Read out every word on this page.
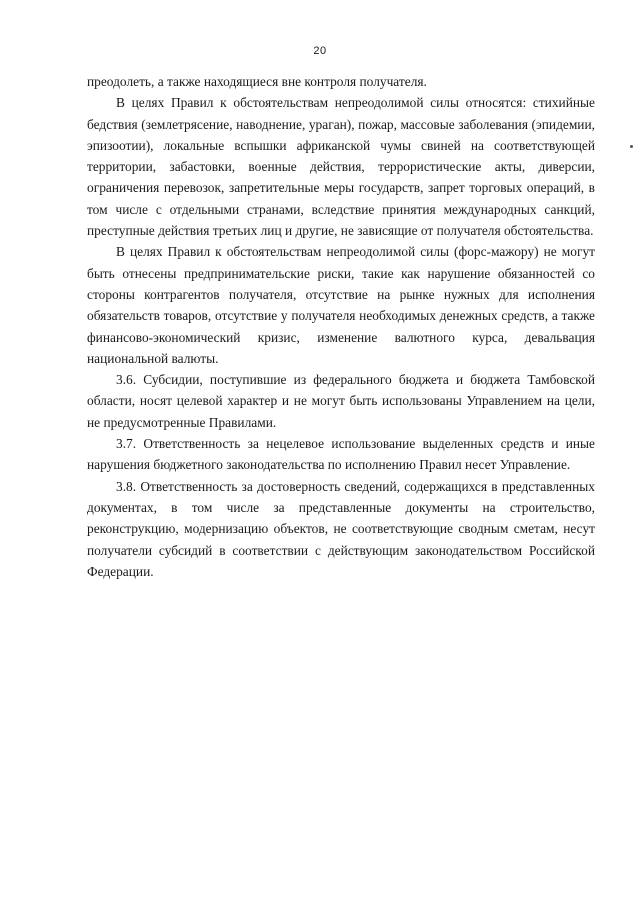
20

преодолеть, а также находящиеся вне контроля получателя.

В целях Правил к обстоятельствам непреодолимой силы относятся: стихийные бедствия (землетрясение, наводнение, ураган), пожар, массовые заболевания (эпидемии, эпизоотии), локальные вспышки африканской чумы свиней на соответствующей территории, забастовки, военные действия, террористические акты, диверсии, ограничения перевозок, запретительные меры государств, запрет торговых операций, в том числе с отдельными странами, вследствие принятия международных санкций, преступные действия третьих лиц и другие, не зависящие от получателя обстоятельства.

В целях Правил к обстоятельствам непреодолимой силы (форс-мажору) не могут быть отнесены предпринимательские риски, такие как нарушение обязанностей со стороны контрагентов получателя, отсутствие на рынке нужных для исполнения обязательств товаров, отсутствие у получателя необходимых денежных средств, а также финансово-экономический кризис, изменение валютного курса, девальвация национальной валюты.

3.6. Субсидии, поступившие из федерального бюджета и бюджета Тамбовской области, носят целевой характер и не могут быть использованы Управлением на цели, не предусмотренные Правилами.

3.7. Ответственность за нецелевое использование выделенных средств и иные нарушения бюджетного законодательства по исполнению Правил несет Управление.

3.8. Ответственность за достоверность сведений, содержащихся в представленных документах, в том числе за представленные документы на строительство, реконструкцию, модернизацию объектов, не соответствующие сводным сметам, несут получатели субсидий в соответствии с действующим законодательством Российской Федерации.
